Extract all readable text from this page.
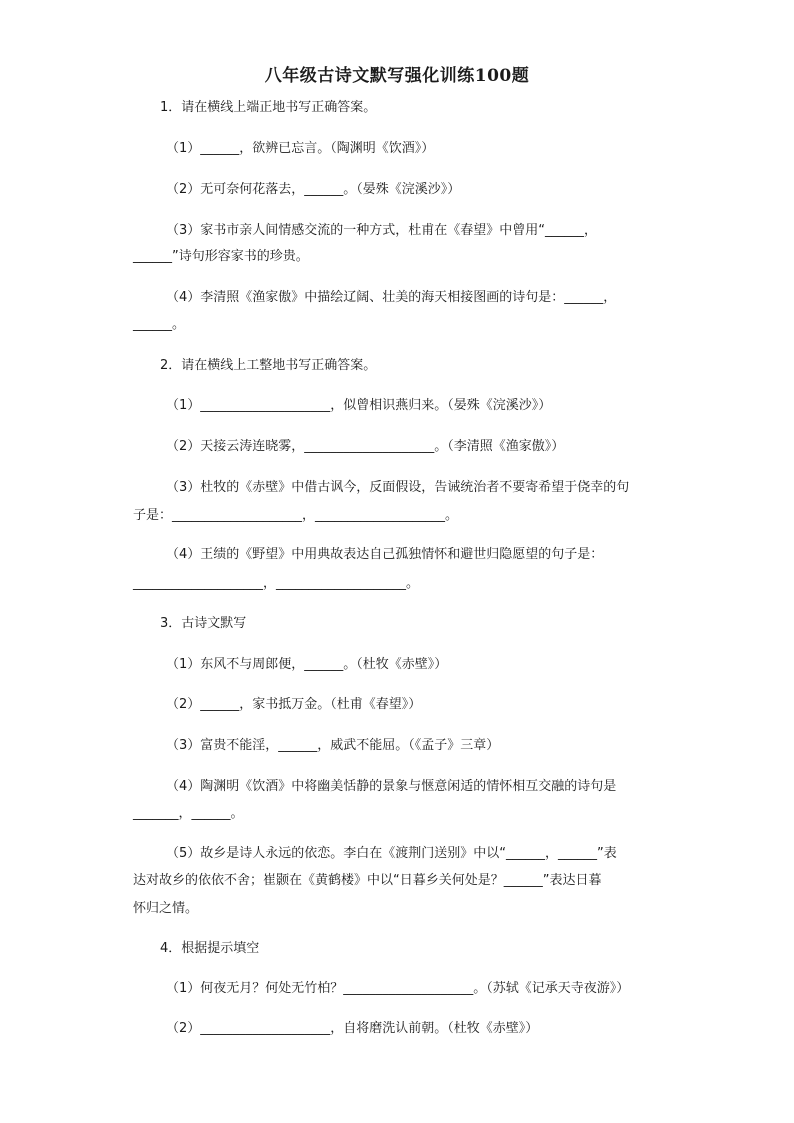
八年级古诗文默写强化训练100题
1．请在横线上端正地书写正确答案。
（1）______，欲辨已忘言。（陶渊明《饮酒》）
（2）无可奈何花落去，______。（晏殊《浣溪沙》）
（3）家书市亲人间情感交流的一种方式，杜甫在《春望》中曾用“______，
______”诗句形容家书的珍贵。
（4）李清照《渔家傲》中描绘辽阔、壮美的海天相接图画的诗句是：______，
______。
2．请在横线上工整地书写正确答案。
（1）____________________，似曾相识燕归来。（晏殊《浣溪沙》）
（2）天接云涛连晓雾，____________________。（李清照《渔家傲》）
（3）杜牧的《赤壁》中借古讽今，反面假设，告诫统治者不要寄希望于侥幸的句
子是：____________________，____________________。
（4）王绩的《野望》中用典故表达自己孤独情怀和避世归隐愿望的句子是：
____________________，____________________。
3．古诗文默写
（1）东风不与周郎便，______。（杜牧《赤壁》）
（2）______，家书抵万金。（杜甫《春望》）
（3）富贵不能淫，______，威武不能屈。（《孟子》三章）
（4）陶渊明《饮酒》中将幽美恬静的景象与惬意闲适的情怀相互交融的诗句是
_______，______。
（5）故乡是诗人永远的依恋。李白在《渡荆门送别》中以“______，______”表
达对故乡的依依不舍；崔颢在《黄鹤楼》中以“日暮乡关何处是？______”表达日暮
怀归之情。
4．根据提示填空
（1）何夜无月？何处无竹柏？____________________。（苏轼《记承天寺夜游》）
（2）____________________，自将磨洗认前朝。（杜牧《赤壁》）
